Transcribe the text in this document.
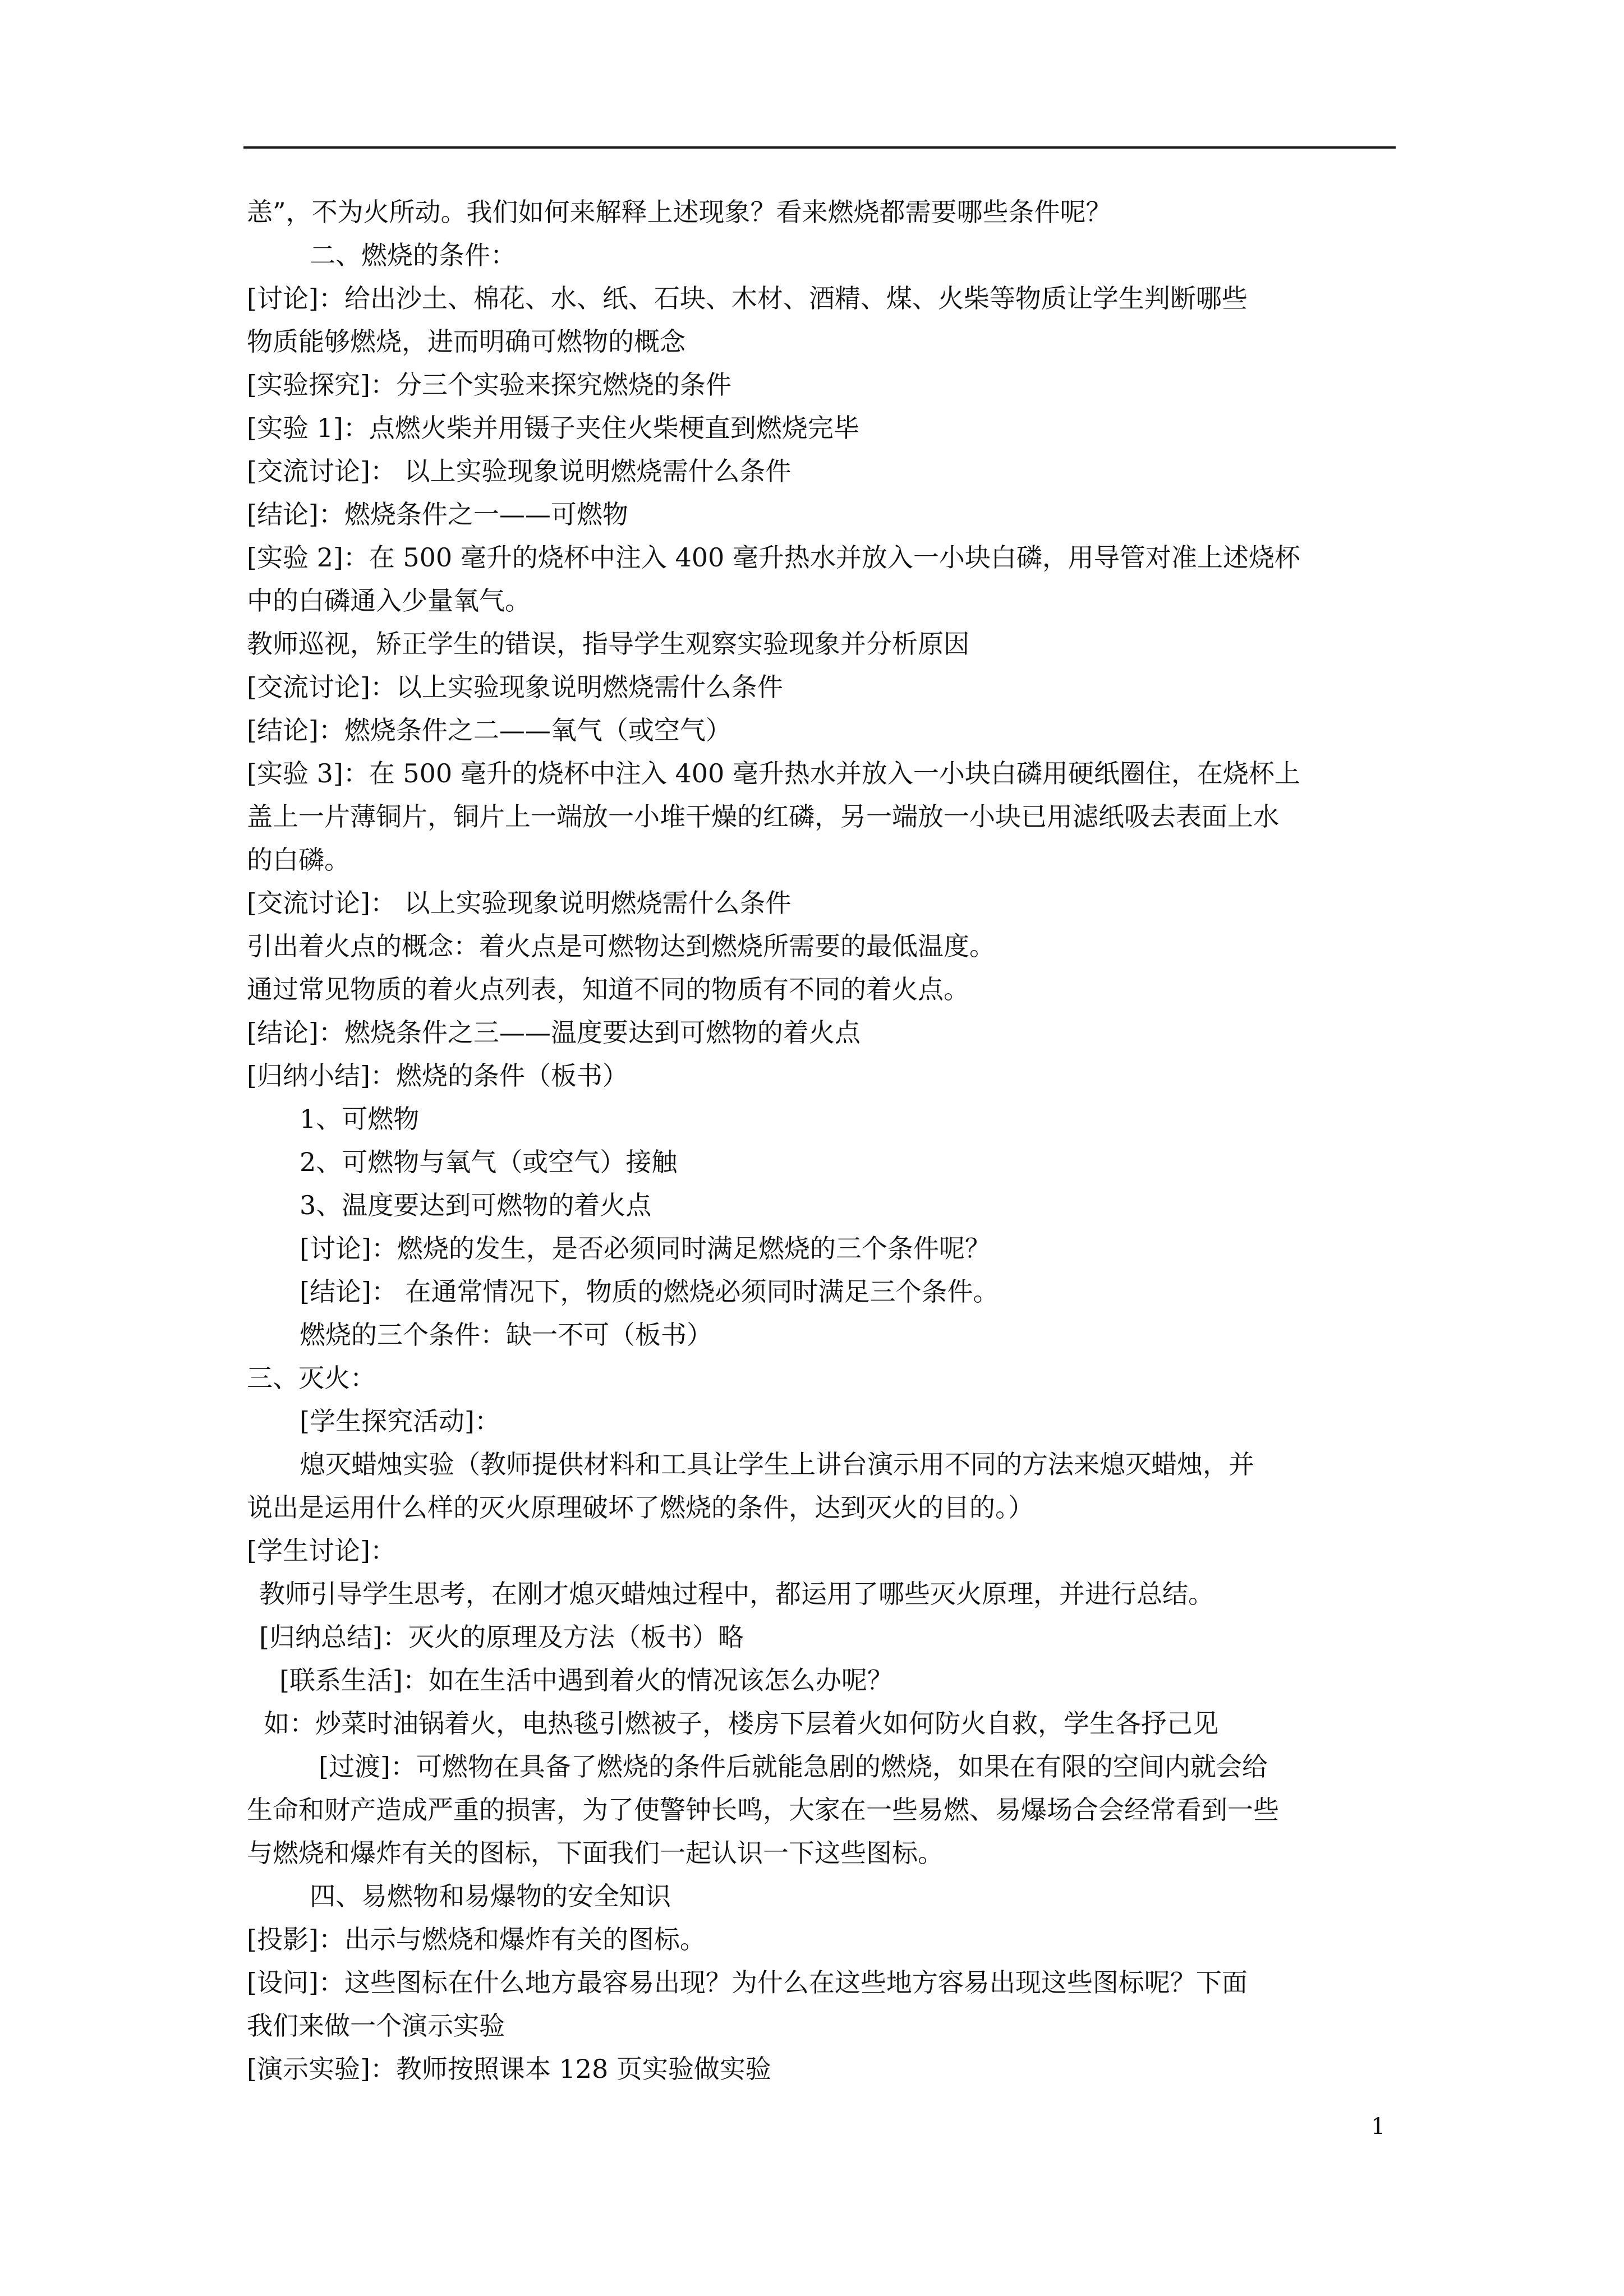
恙”，不为火所动。我们如何来解释上述现象？看来燃烧都需要哪些条件呢？
二、燃烧的条件：
[讨论]：给出沙土、棉花、水、纸、石块、木材、酒精、煤、火柴等物质让学生判断哪些
物质能够燃烧，进而明确可燃物的概念
[实验探究]：分三个实验来探究燃烧的条件
[实验 1]：点燃火柴并用镊子夹住火柴梗直到燃烧完毕
[交流讨论]： 以上实验现象说明燃烧需什么条件
[结论]：燃烧条件之一——可燃物
[实验 2]：在 500 毫升的烧杯中注入 400 毫升热水并放入一小块白磷，用导管对准上述烧杯
中的白磷通入少量氧气。
教师巡视，矫正学生的错误，指导学生观察实验现象并分析原因
[交流讨论]：以上实验现象说明燃烧需什么条件
[结论]：燃烧条件之二——氧气（或空气）
[实验 3]：在 500 毫升的烧杯中注入 400 毫升热水并放入一小块白磷用硬纸圈住，在烧杯上
盖上一片薄铜片，铜片上一端放一小堆干燥的红磷，另一端放一小块已用滤纸吸去表面上水
的白磷。
[交流讨论]： 以上实验现象说明燃烧需什么条件
引出着火点的概念：着火点是可燃物达到燃烧所需要的最低温度。
通过常见物质的着火点列表，知道不同的物质有不同的着火点。
[结论]：燃烧条件之三——温度要达到可燃物的着火点
[归纳小结]：燃烧的条件（板书）
1、可燃物
2、可燃物与氧气（或空气）接触
3、温度要达到可燃物的着火点
[讨论]：燃烧的发生，是否必须同时满足燃烧的三个条件呢？
[结论]： 在通常情况下，物质的燃烧必须同时满足三个条件。
燃烧的三个条件：缺一不可（板书）
三、灭火：
[学生探究活动]：
熄灭蜡烛实验（教师提供材料和工具让学生上讲台演示用不同的方法来熄灭蜡烛，并
说出是运用什么样的灭火原理破坏了燃烧的条件，达到灭火的目的。）
[学生讨论]：
教师引导学生思考，在刚才熄灭蜡烛过程中，都运用了哪些灭火原理，并进行总结。
[归纳总结]：灭火的原理及方法（板书）略
[联系生活]：如在生活中遇到着火的情况该怎么办呢？
如：炒菜时油锅着火，电热毯引燃被子，楼房下层着火如何防火自救，学生各抒己见
[过渡]：可燃物在具备了燃烧的条件后就能急剧的燃烧，如果在有限的空间内就会给
生命和财产造成严重的损害，为了使警钟长鸣，大家在一些易燃、易爆场合会经常看到一些
与燃烧和爆炸有关的图标，下面我们一起认识一下这些图标。
四、易燃物和易爆物的安全知识
[投影]：出示与燃烧和爆炸有关的图标。
[设问]：这些图标在什么地方最容易出现？为什么在这些地方容易出现这些图标呢？下面
我们来做一个演示实验
[演示实验]：教师按照课本 128 页实验做实验
1
